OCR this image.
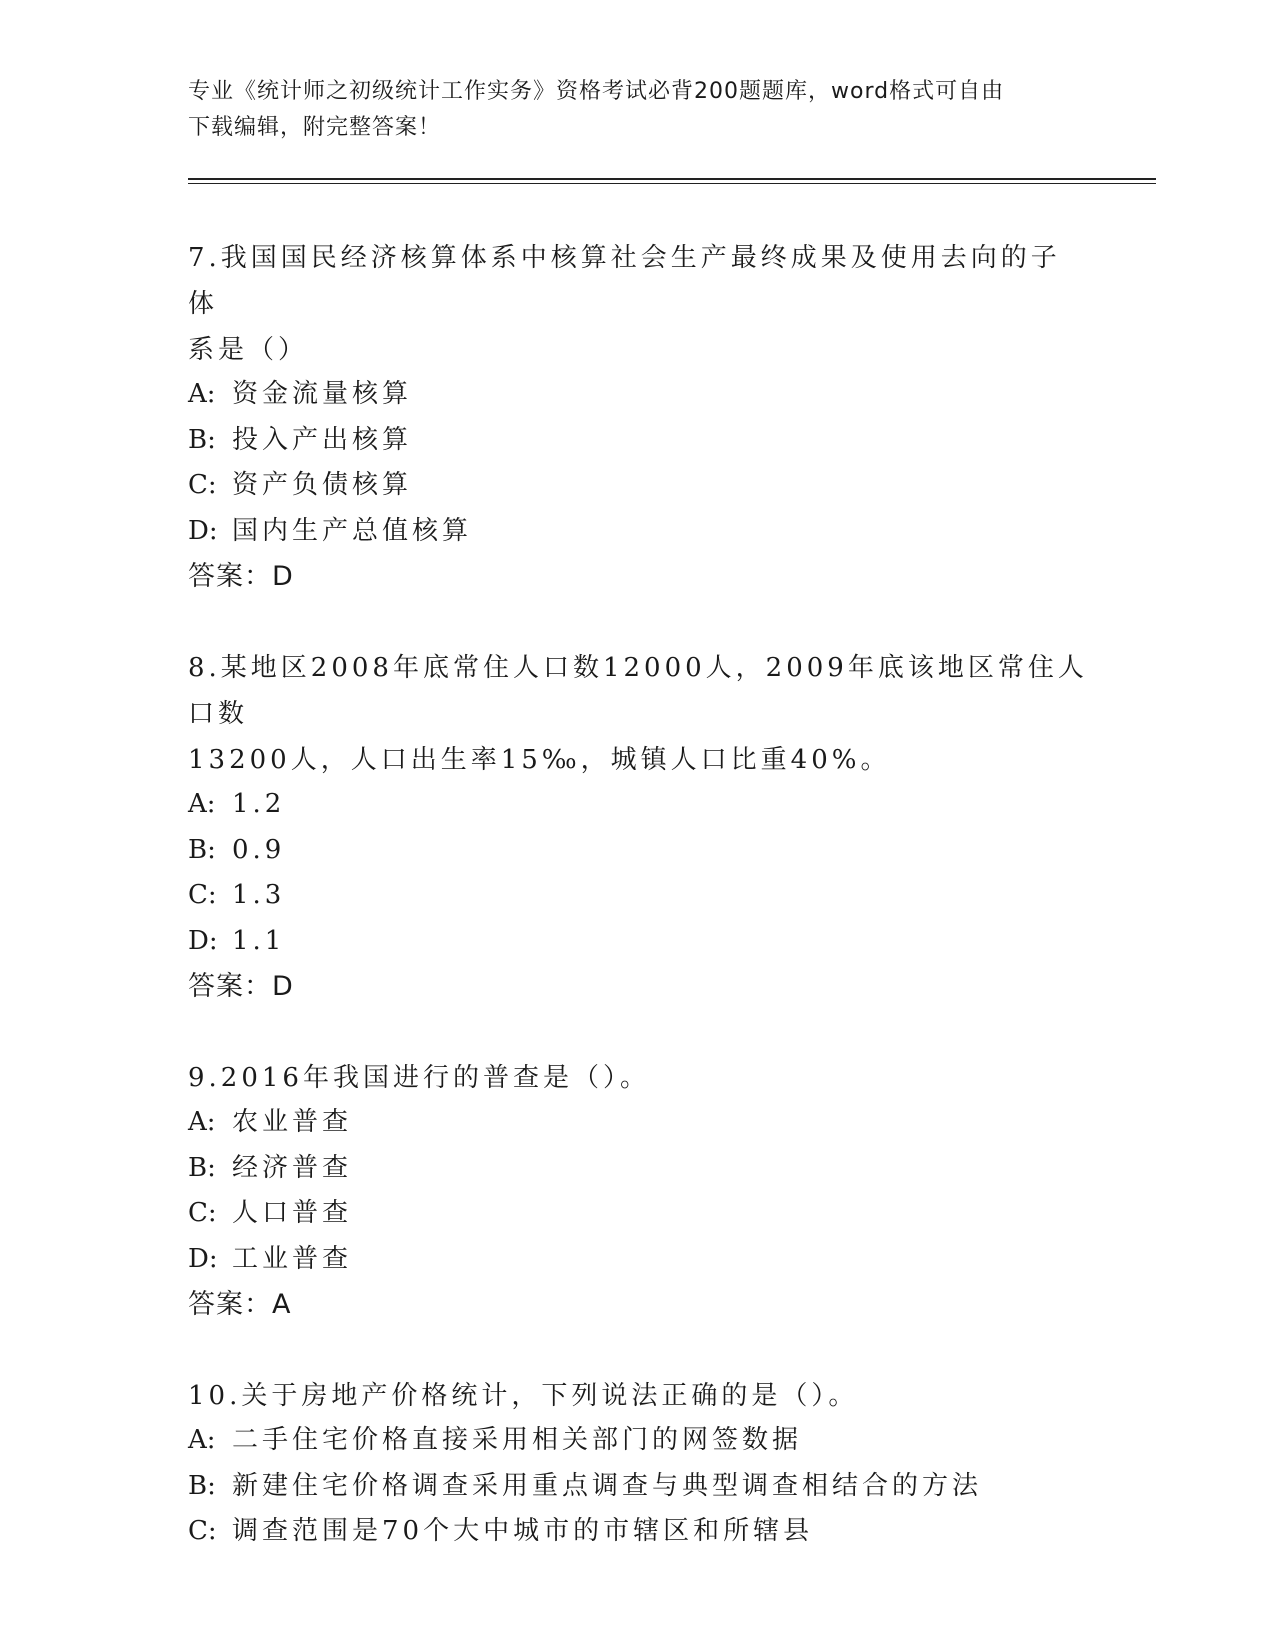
专业《统计师之初级统计工作实务》资格考试必背200题题库，word格式可自由
下载编辑，附完整答案！
7.我国国民经济核算体系中核算社会生产最终成果及使用去向的子体
系是（）
A: 资金流量核算
B: 投入产出核算
C: 资产负债核算
D: 国内生产总值核算
答案：D
8.某地区2008年底常住人口数12000人，2009年底该地区常住人口数
13200人，人口出生率15‰，城镇人口比重40%。
A: 1.2
B: 0.9
C: 1.3
D: 1.1
答案：D
9.2016年我国进行的普查是（）。
A: 农业普查
B: 经济普查
C: 人口普查
D: 工业普查
答案：A
10.关于房地产价格统计，下列说法正确的是（）。
A: 二手住宅价格直接采用相关部门的网签数据
B: 新建住宅价格调查采用重点调查与典型调查相结合的方法
C: 调查范围是70个大中城市的市辖区和所辖县
